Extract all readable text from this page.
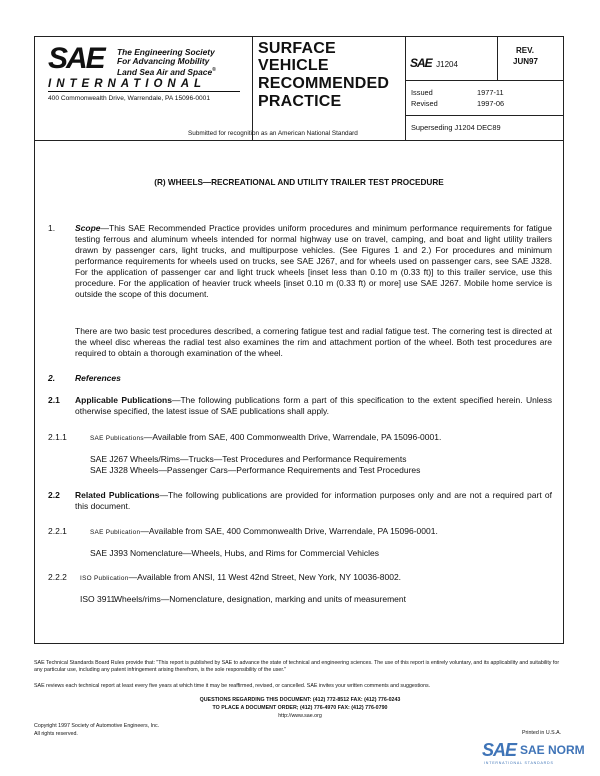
SAE The Engineering Society
For Advancing Mobility
Land Sea Air and Space®
INTERNATIONAL
400 Commonwealth Drive, Warrendale, PA 15096-0001
SURFACE
VEHICLE
RECOMMENDED
PRACTICE
Submitted for recognition as an American National Standard
SAE J1204
REV.
JUN97
Issued	1977-11
Revised	1997-06
Superseding J1204 DEC89
(R) WHEELS—RECREATIONAL AND UTILITY TRAILER TEST PROCEDURE
1. Scope—This SAE Recommended Practice provides uniform procedures and minimum performance requirements for fatigue testing ferrous and aluminum wheels intended for normal highway use on travel, camping, and boat and light utility trailers drawn by passenger cars, light trucks, and multipurpose vehicles. (See Figures 1 and 2.) For procedures and minimum performance requirements for wheels used on trucks, see SAE J267, and for wheels used on passenger cars, see SAE J328. For the application of passenger car and light truck wheels [inset less than 0.10 m (0.33 ft)] to this trailer service, use this procedure. For the application of heavier truck wheels [inset 0.10 m (0.33 ft) or more] use SAE J267. Mobile home service is outside the scope of this document.
There are two basic test procedures described, a cornering fatigue test and radial fatigue test. The cornering test is directed at the wheel disc whereas the radial test also examines the rim and attachment portion of the wheel. Both test procedures are required to obtain a thorough examination of the wheel.
2. References
2.1 Applicable Publications—The following publications form a part of this specification to the extent specified herein. Unless otherwise specified, the latest issue of SAE publications shall apply.
2.1.1	SAE Publications—Available from SAE, 400 Commonwealth Drive, Warrendale, PA 15096-0001.
SAE J267 Wheels/Rims—Trucks—Test Procedures and Performance Requirements
SAE J328 Wheels—Passenger Cars—Performance Requirements and Test Procedures
2.2 Related Publications—The following publications are provided for information purposes only and are not a required part of this document.
2.2.1	SAE Publication—Available from SAE, 400 Commonwealth Drive, Warrendale, PA 15096-0001.
SAE J393 Nomenclature—Wheels, Hubs, and Rims for Commercial Vehicles
2.2.2 ISO Publication—Available from ANSI, 11 West 42nd Street, New York, NY 10036-8002.
ISO 3911
Wheels/rims—Nomenclature, designation, marking and units of measurement
SAE Technical Standards Board Rules provide that: "This report is published by SAE to advance the state of technical and engineering sciences. The use of this report is entirely voluntary, and its applicability and suitability for any particular use, including any patent infringement arising therefrom, is the sole responsibility of the user."
SAE reviews each technical report at least every five years at which time it may be reaffirmed, revised, or cancelled. SAE invites your written comments and suggestions.
QUESTIONS REGARDING THIS DOCUMENT: (412) 772-8512 FAX: (412) 776-0243
TO PLACE A DOCUMENT ORDER; (412) 776-4970 FAX: (412) 776-0790
http://www.sae.org
Copyright 1997 Society of Automotive Engineers, Inc.
All rights reserved.	Printed in U.S.A.
SAE SAE NORM
INTERNATIONAL STANDARDS
